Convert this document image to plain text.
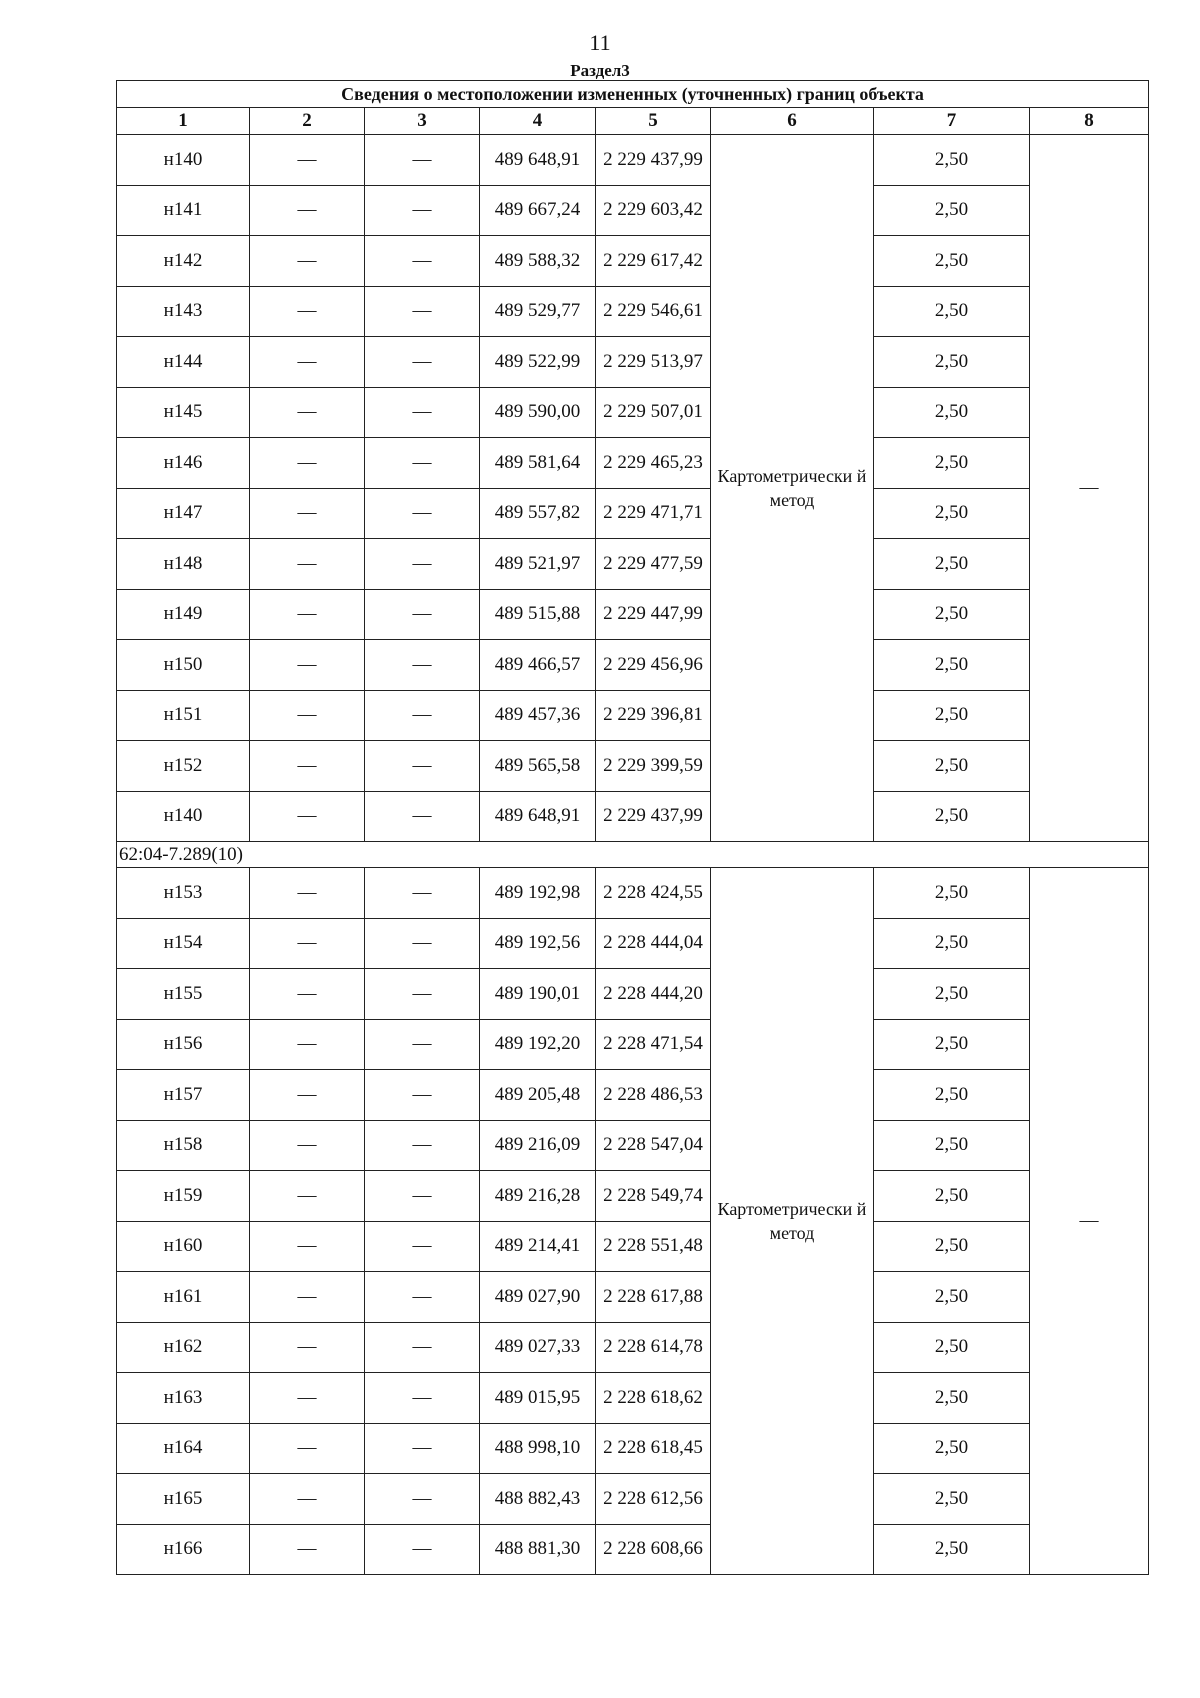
11
Раздел3
Сведения о местоположении измененных (уточненных) границ объекта							
1	2	3	4	5	6	7	8
н140	—	—	489 648,91	2 229 437,99	Картометрически й метод	2,50	—
н141	—	—	489 667,24	2 229 603,42		2,50	
н142	—	—	489 588,32	2 229 617,42		2,50	
н143	—	—	489 529,77	2 229 546,61		2,50	
н144	—	—	489 522,99	2 229 513,97		2,50	
н145	—	—	489 590,00	2 229 507,01		2,50	
н146	—	—	489 581,64	2 229 465,23		2,50	
н147	—	—	489 557,82	2 229 471,71		2,50	
н148	—	—	489 521,97	2 229 477,59		2,50	
н149	—	—	489 515,88	2 229 447,99		2,50	
н150	—	—	489 466,57	2 229 456,96		2,50	
н151	—	—	489 457,36	2 229 396,81		2,50	
н152	—	—	489 565,58	2 229 399,59		2,50	
н140	—	—	489 648,91	2 229 437,99		2,50	
62:04-7.289(10)							
н153	—	—	489 192,98	2 228 424,55	Картометрически й метод	2,50	—
н154	—	—	489 192,56	2 228 444,04		2,50	
н155	—	—	489 190,01	2 228 444,20		2,50	
н156	—	—	489 192,20	2 228 471,54		2,50	
н157	—	—	489 205,48	2 228 486,53		2,50	
н158	—	—	489 216,09	2 228 547,04		2,50	
н159	—	—	489 216,28	2 228 549,74		2,50	
н160	—	—	489 214,41	2 228 551,48		2,50	
н161	—	—	489 027,90	2 228 617,88		2,50	
н162	—	—	489 027,33	2 228 614,78		2,50	
н163	—	—	489 015,95	2 228 618,62		2,50	
н164	—	—	488 998,10	2 228 618,45		2,50	
н165	—	—	488 882,43	2 228 612,56		2,50	
н166	—	—	488 881,30	2 228 608,66		2,50	
